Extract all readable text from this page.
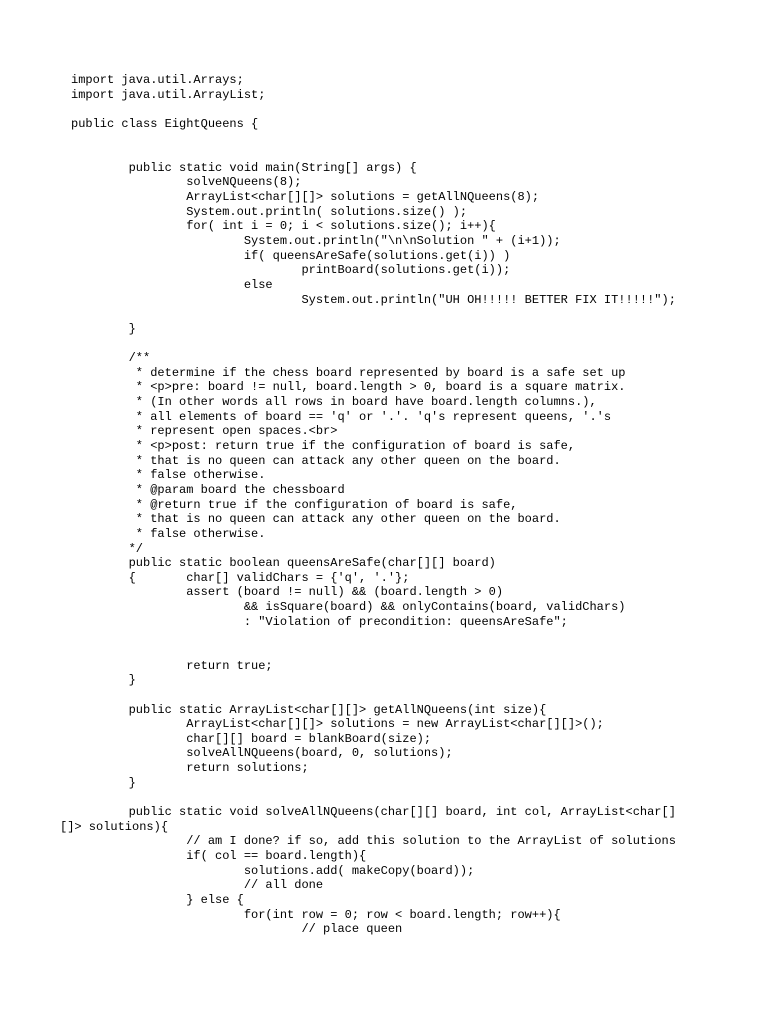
import java.util.Arrays;
import java.util.ArrayList;
public class EightQueens {
public static void main(String[] args) {
solveNQueens(8);
ArrayList<char[][]> solutions = getAllNQueens(8);
System.out.println( solutions.size() );
for( int i = 0; i < solutions.size(); i++){
System.out.println("\n\nSolution " + (i+1));
if( queensAreSafe(solutions.get(i)) )
printBoard(solutions.get(i));
else
System.out.println("UH OH!!!!! BETTER FIX IT!!!!!");
}
/**
* determine if the chess board represented by board is a safe set up
* <p>pre: board != null, board.length > 0, board is a square matrix.
* (In other words all rows in board have board.length columns.),
* all elements of board == 'q' or '.'. 'q's represent queens, '.'s
* represent open spaces.<br>
* <p>post: return true if the configuration of board is safe,
* that is no queen can attack any other queen on the board.
* false otherwise.
* @param board the chessboard
* @return true if the configuration of board is safe,
* that is no queen can attack any other queen on the board.
* false otherwise.
*/
public static boolean queensAreSafe(char[][] board)
{       char[] validChars = {'q', '.'};
assert (board != null) && (board.length > 0)
&& isSquare(board) && onlyContains(board, validChars)
: "Violation of precondition: queensAreSafe";
return true;
}
public static ArrayList<char[][]> getAllNQueens(int size){
ArrayList<char[][]> solutions = new ArrayList<char[][]>();
char[][] board = blankBoard(size);
solveAllNQueens(board, 0, solutions);
return solutions;
}
public static void solveAllNQueens(char[][] board, int col, ArrayList<char[]
[]> solutions){
// am I done? if so, add this solution to the ArrayList of solutions
if( col == board.length){
solutions.add( makeCopy(board));
// all done
} else {
for(int row = 0; row < board.length; row++){
// place queen
